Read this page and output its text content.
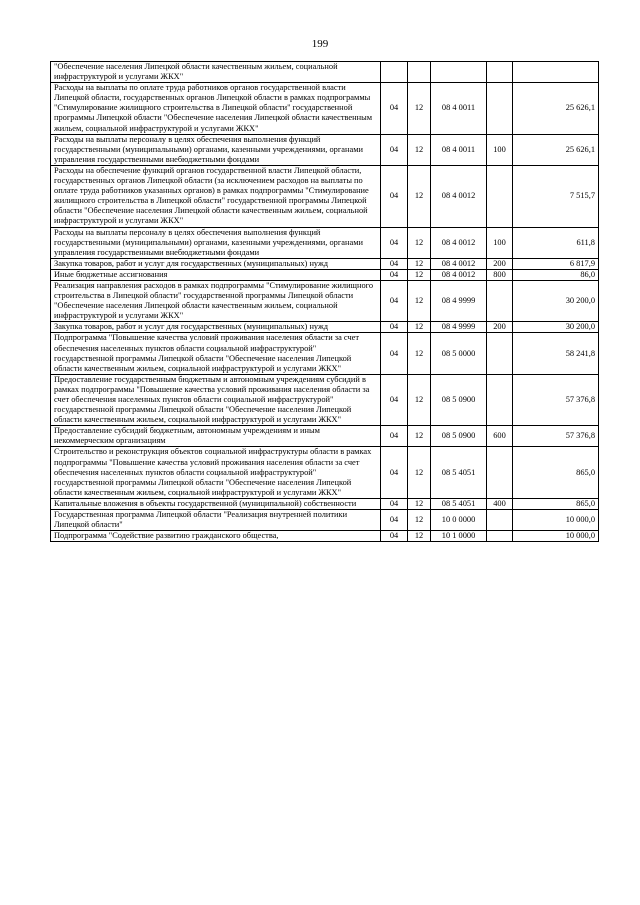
199
"Обеспечение населения Липецкой области качественным жильем, социальной инфраструктурой и услугами ЖКХ"					
Расходы на выплаты по оплате труда работников органов государственной власти Липецкой области, государственных органов Липецкой области в рамках подпрограммы "Стимулирование жилищного строительства в Липецкой области" государственной программы Липецкой области "Обеспечение населения Липецкой области качественным жильем, социальной инфраструктурой и услугами ЖКХ"	04	12	08 4 0011		25 626,1
Расходы на выплаты персоналу в целях обеспечения выполнения функций государственными (муниципальными) органами, казенными учреждениями, органами управления государственными внебюджетными фондами	04	12	08 4 0011	100	25 626,1
Расходы на обеспечение функций органов государственной власти Липецкой области, государственных органов Липецкой области (за исключением расходов на выплаты по оплате труда работников указанных органов) в рамках подпрограммы "Стимулирование жилищного строительства в Липецкой области" государственной программы Липецкой области "Обеспечение населения Липецкой области качественным жильем, социальной инфраструктурой и услугами ЖКХ"	04	12	08 4 0012		7 515,7
Расходы на выплаты персоналу в целях обеспечения выполнения функций государственными (муниципальными) органами, казенными учреждениями, органами управления государственными внебюджетными фондами	04	12	08 4 0012	100	611,8
Закупка товаров, работ и услуг для государственных (муниципальных) нужд	04	12	08 4 0012	200	6 817,9
Иные бюджетные ассигнования	04	12	08 4 0012	800	86,0
Реализация направления расходов в рамках подпрограммы "Стимулирование жилищного строительства в Липецкой области" государственной программы Липецкой области "Обеспечение населения Липецкой области качественным жильем, социальной инфраструктурой и услугами ЖКХ"	04	12	08 4 9999		30 200,0
Закупка товаров, работ и услуг для государственных (муниципальных) нужд	04	12	08 4 9999	200	30 200,0
Подпрограмма "Повышение качества условий проживания населения области за счет обеспечения населенных пунктов области социальной инфраструктурой" государственной программы Липецкой области "Обеспечение населения Липецкой области качественным жильем, социальной инфраструктурой и услугами ЖКХ"	04	12	08 5 0000		58 241,8
Предоставление государственным бюджетным и автономным учреждениям субсидий в рамках подпрограммы "Повышение качества условий проживания населения области за счет обеспечения населенных пунктов области социальной инфраструктурой" государственной программы Липецкой области "Обеспечение населения Липецкой области качественным жильем, социальной инфраструктурой и услугами ЖКХ"	04	12	08 5 0900		57 376,8
Предоставление субсидий бюджетным, автономным учреждениям и иным некоммерческим организациям	04	12	08 5 0900	600	57 376,8
Строительство и реконструкция объектов социальной инфраструктуры области в рамках подпрограммы "Повышение качества условий проживания населения области за счет обеспечения населенных пунктов области социальной инфраструктурой" государственной программы Липецкой области "Обеспечение населения Липецкой области качественным жильем, социальной инфраструктурой и услугами ЖКХ"	04	12	08 5 4051		865,0
Капитальные вложения в объекты государственной (муниципальной) собственности	04	12	08 5 4051	400	865,0
Государственная программа Липецкой области "Реализация внутренней политики Липецкой области"	04	12	10 0 0000		10 000,0
Подпрограмма "Содействие развитию гражданского общества,	04	12	10 1 0000		10 000,0
